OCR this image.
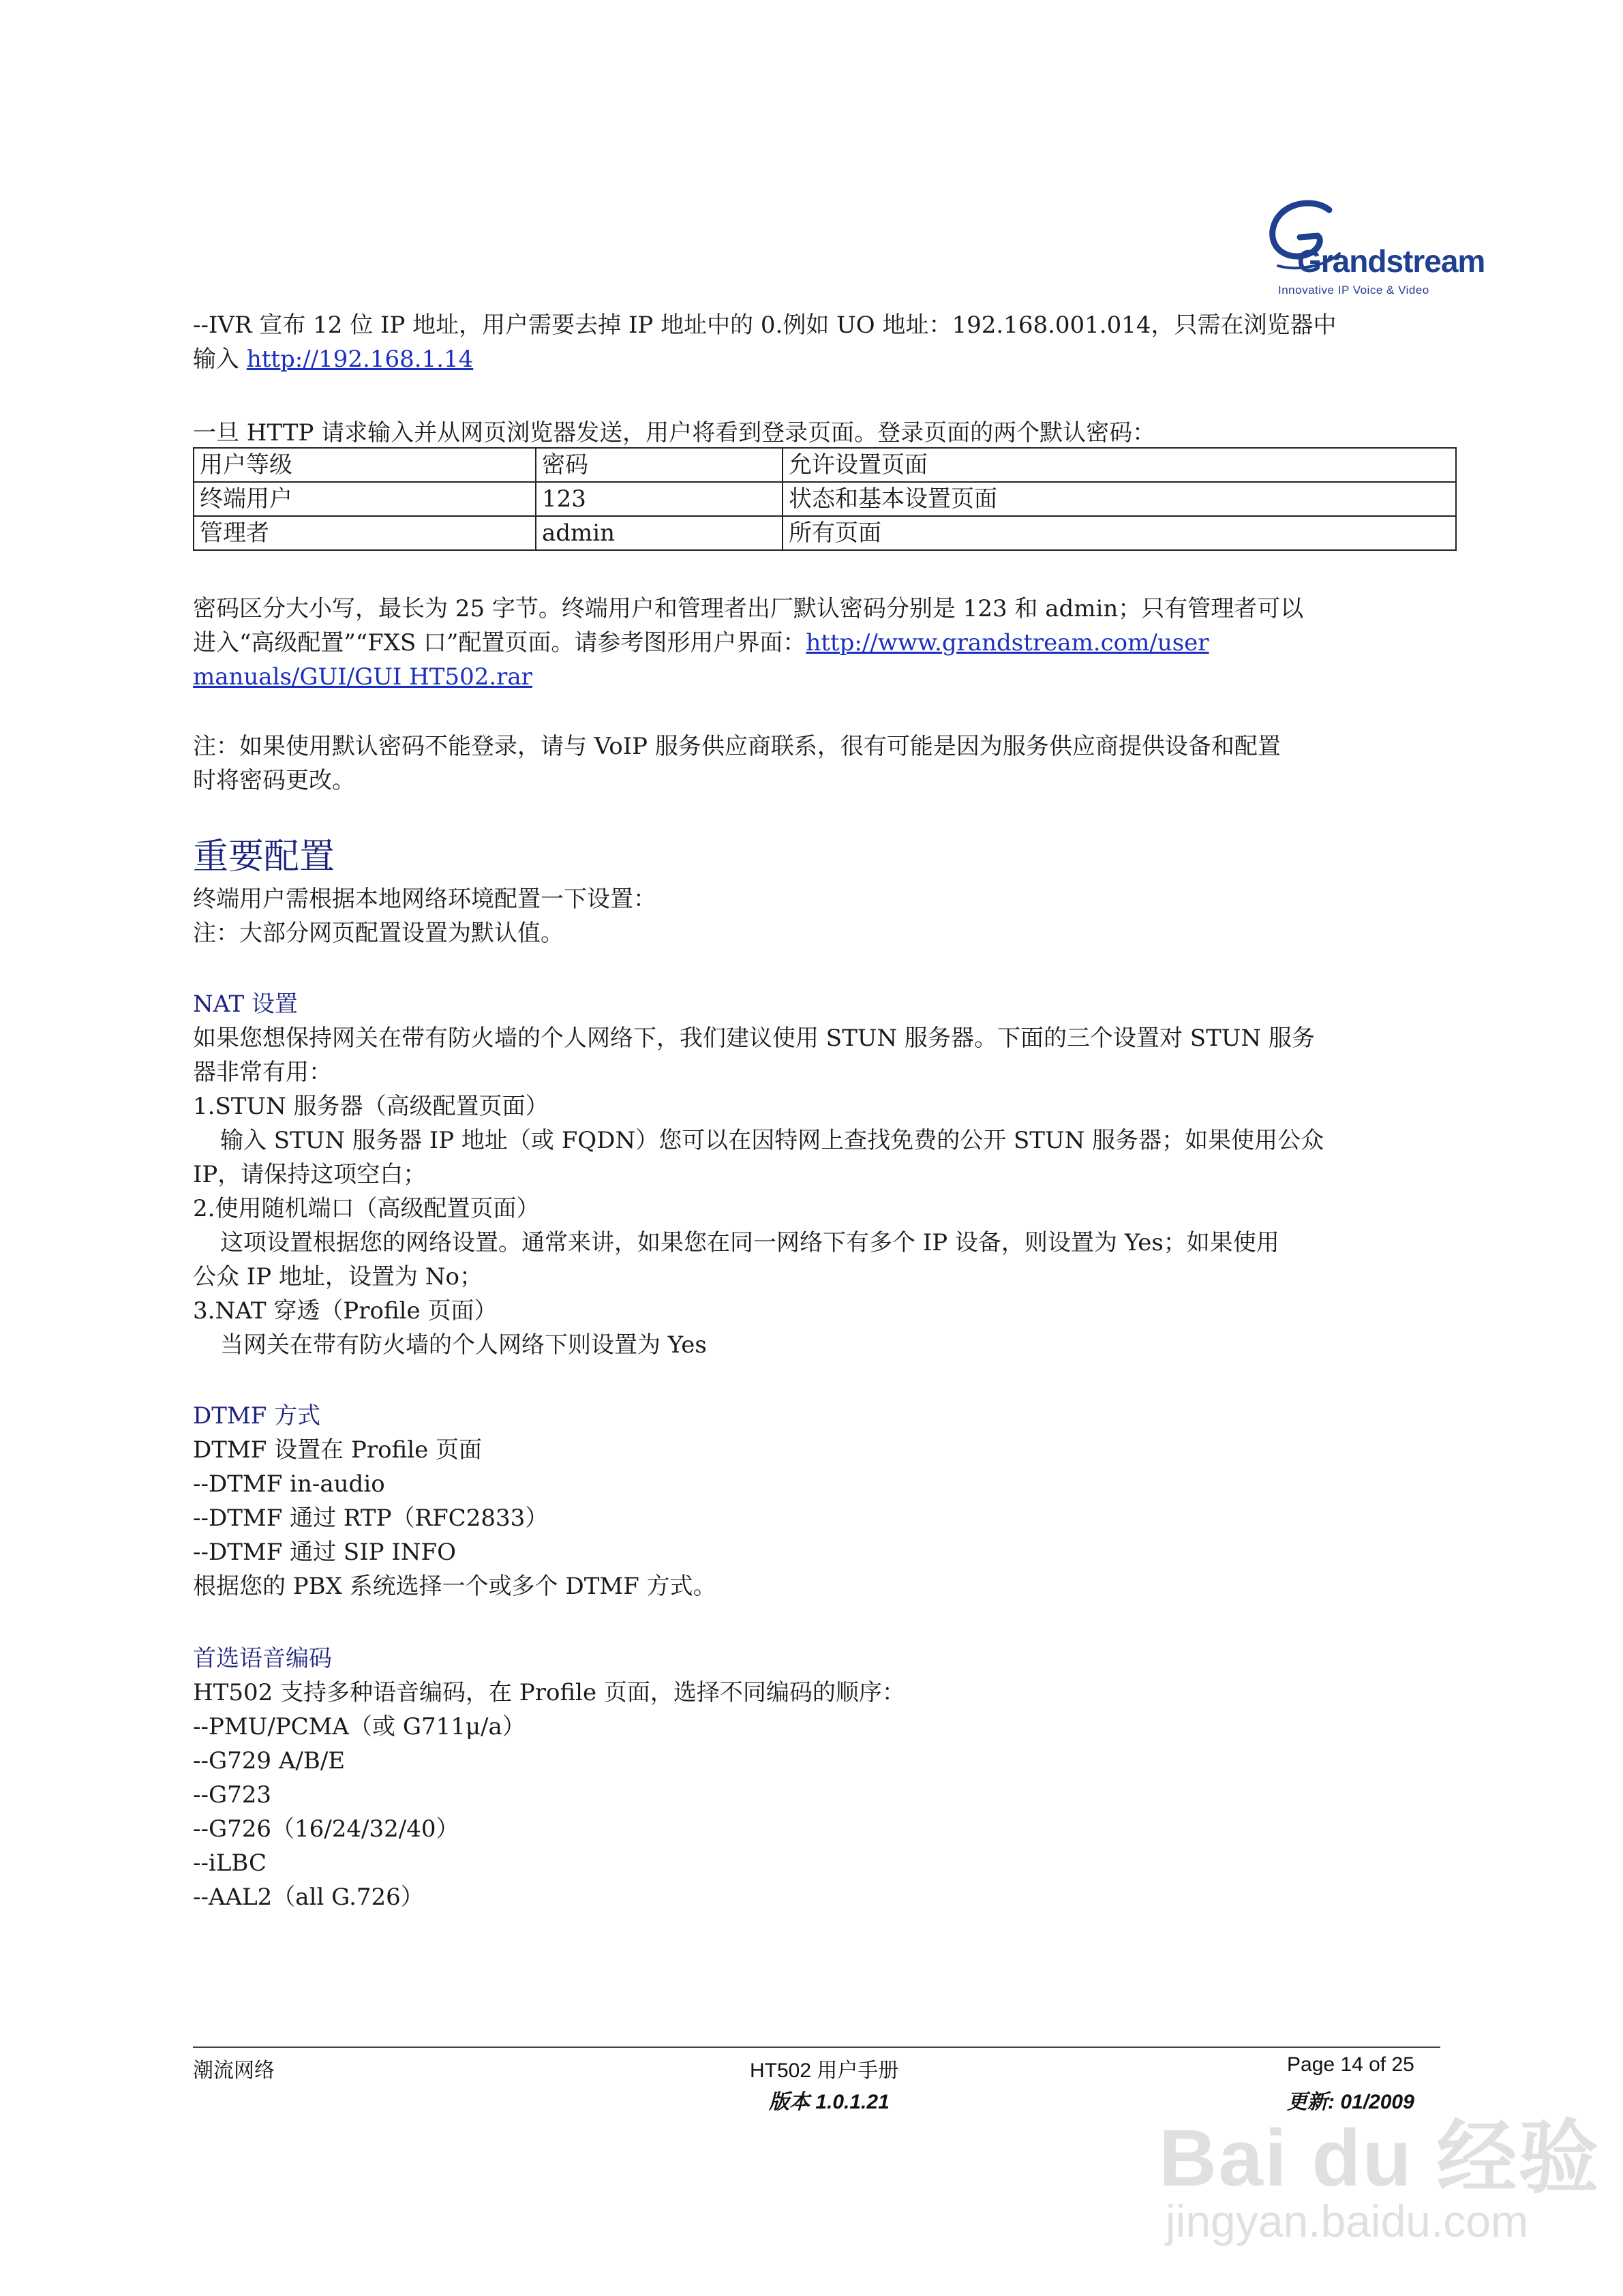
Grandstream
Innovative IP Voice & Video
--IVR 宣布 12 位 IP 地址，用户需要去掉 IP 地址中的 0.例如 UO 地址：192.168.001.014，只需在浏览器中
输入 http://192.168.1.14
一旦 HTTP 请求输入并从网页浏览器发送，用户将看到登录页面。登录页面的两个默认密码：
用户等级	密码	允许设置页面
终端用户	123	状态和基本设置页面
管理者	admin	所有页面
密码区分大小写，最长为 25 字节。终端用户和管理者出厂默认密码分别是 123 和 admin；只有管理者可以
进入“高级配置”“FXS 口”配置页面。请参考图形用户界面：http://www.grandstream.com/user
manuals/GUI/GUI HT502.rar
注：如果使用默认密码不能登录，请与 VoIP 服务供应商联系，很有可能是因为服务供应商提供设备和配置
时将密码更改。
重要配置
终端用户需根据本地网络环境配置一下设置：
注：大部分网页配置设置为默认值。
NAT 设置
如果您想保持网关在带有防火墙的个人网络下，我们建议使用 STUN 服务器。下面的三个设置对 STUN 服务
器非常有用：
1.STUN 服务器（高级配置页面）
输入 STUN 服务器 IP 地址（或 FQDN）您可以在因特网上查找免费的公开 STUN 服务器；如果使用公众
IP，请保持这项空白；
2.使用随机端口（高级配置页面）
这项设置根据您的网络设置。通常来讲，如果您在同一网络下有多个 IP 设备，则设置为 Yes；如果使用
公众 IP 地址，设置为 No；
3.NAT 穿透（Profile 页面）
当网关在带有防火墙的个人网络下则设置为 Yes
DTMF 方式
DTMF 设置在 Profile 页面
--DTMF in-audio
--DTMF 通过 RTP（RFC2833）
--DTMF 通过 SIP INFO
根据您的 PBX 系统选择一个或多个 DTMF 方式。
首选语音编码
HT502 支持多种语音编码，在 Profile 页面，选择不同编码的顺序：
--PMU/PCMA（或 G711μ/a）
--G729 A/B/E
--G723
--G726（16/24/32/40）
--iLBC
--AAL2（all G.726）
潮流网络	HT502 用户手册	Page 14 of 25
版本 1.0.1.21	更新: 01/2009
Bai du 经验
jingyan.baidu.com
